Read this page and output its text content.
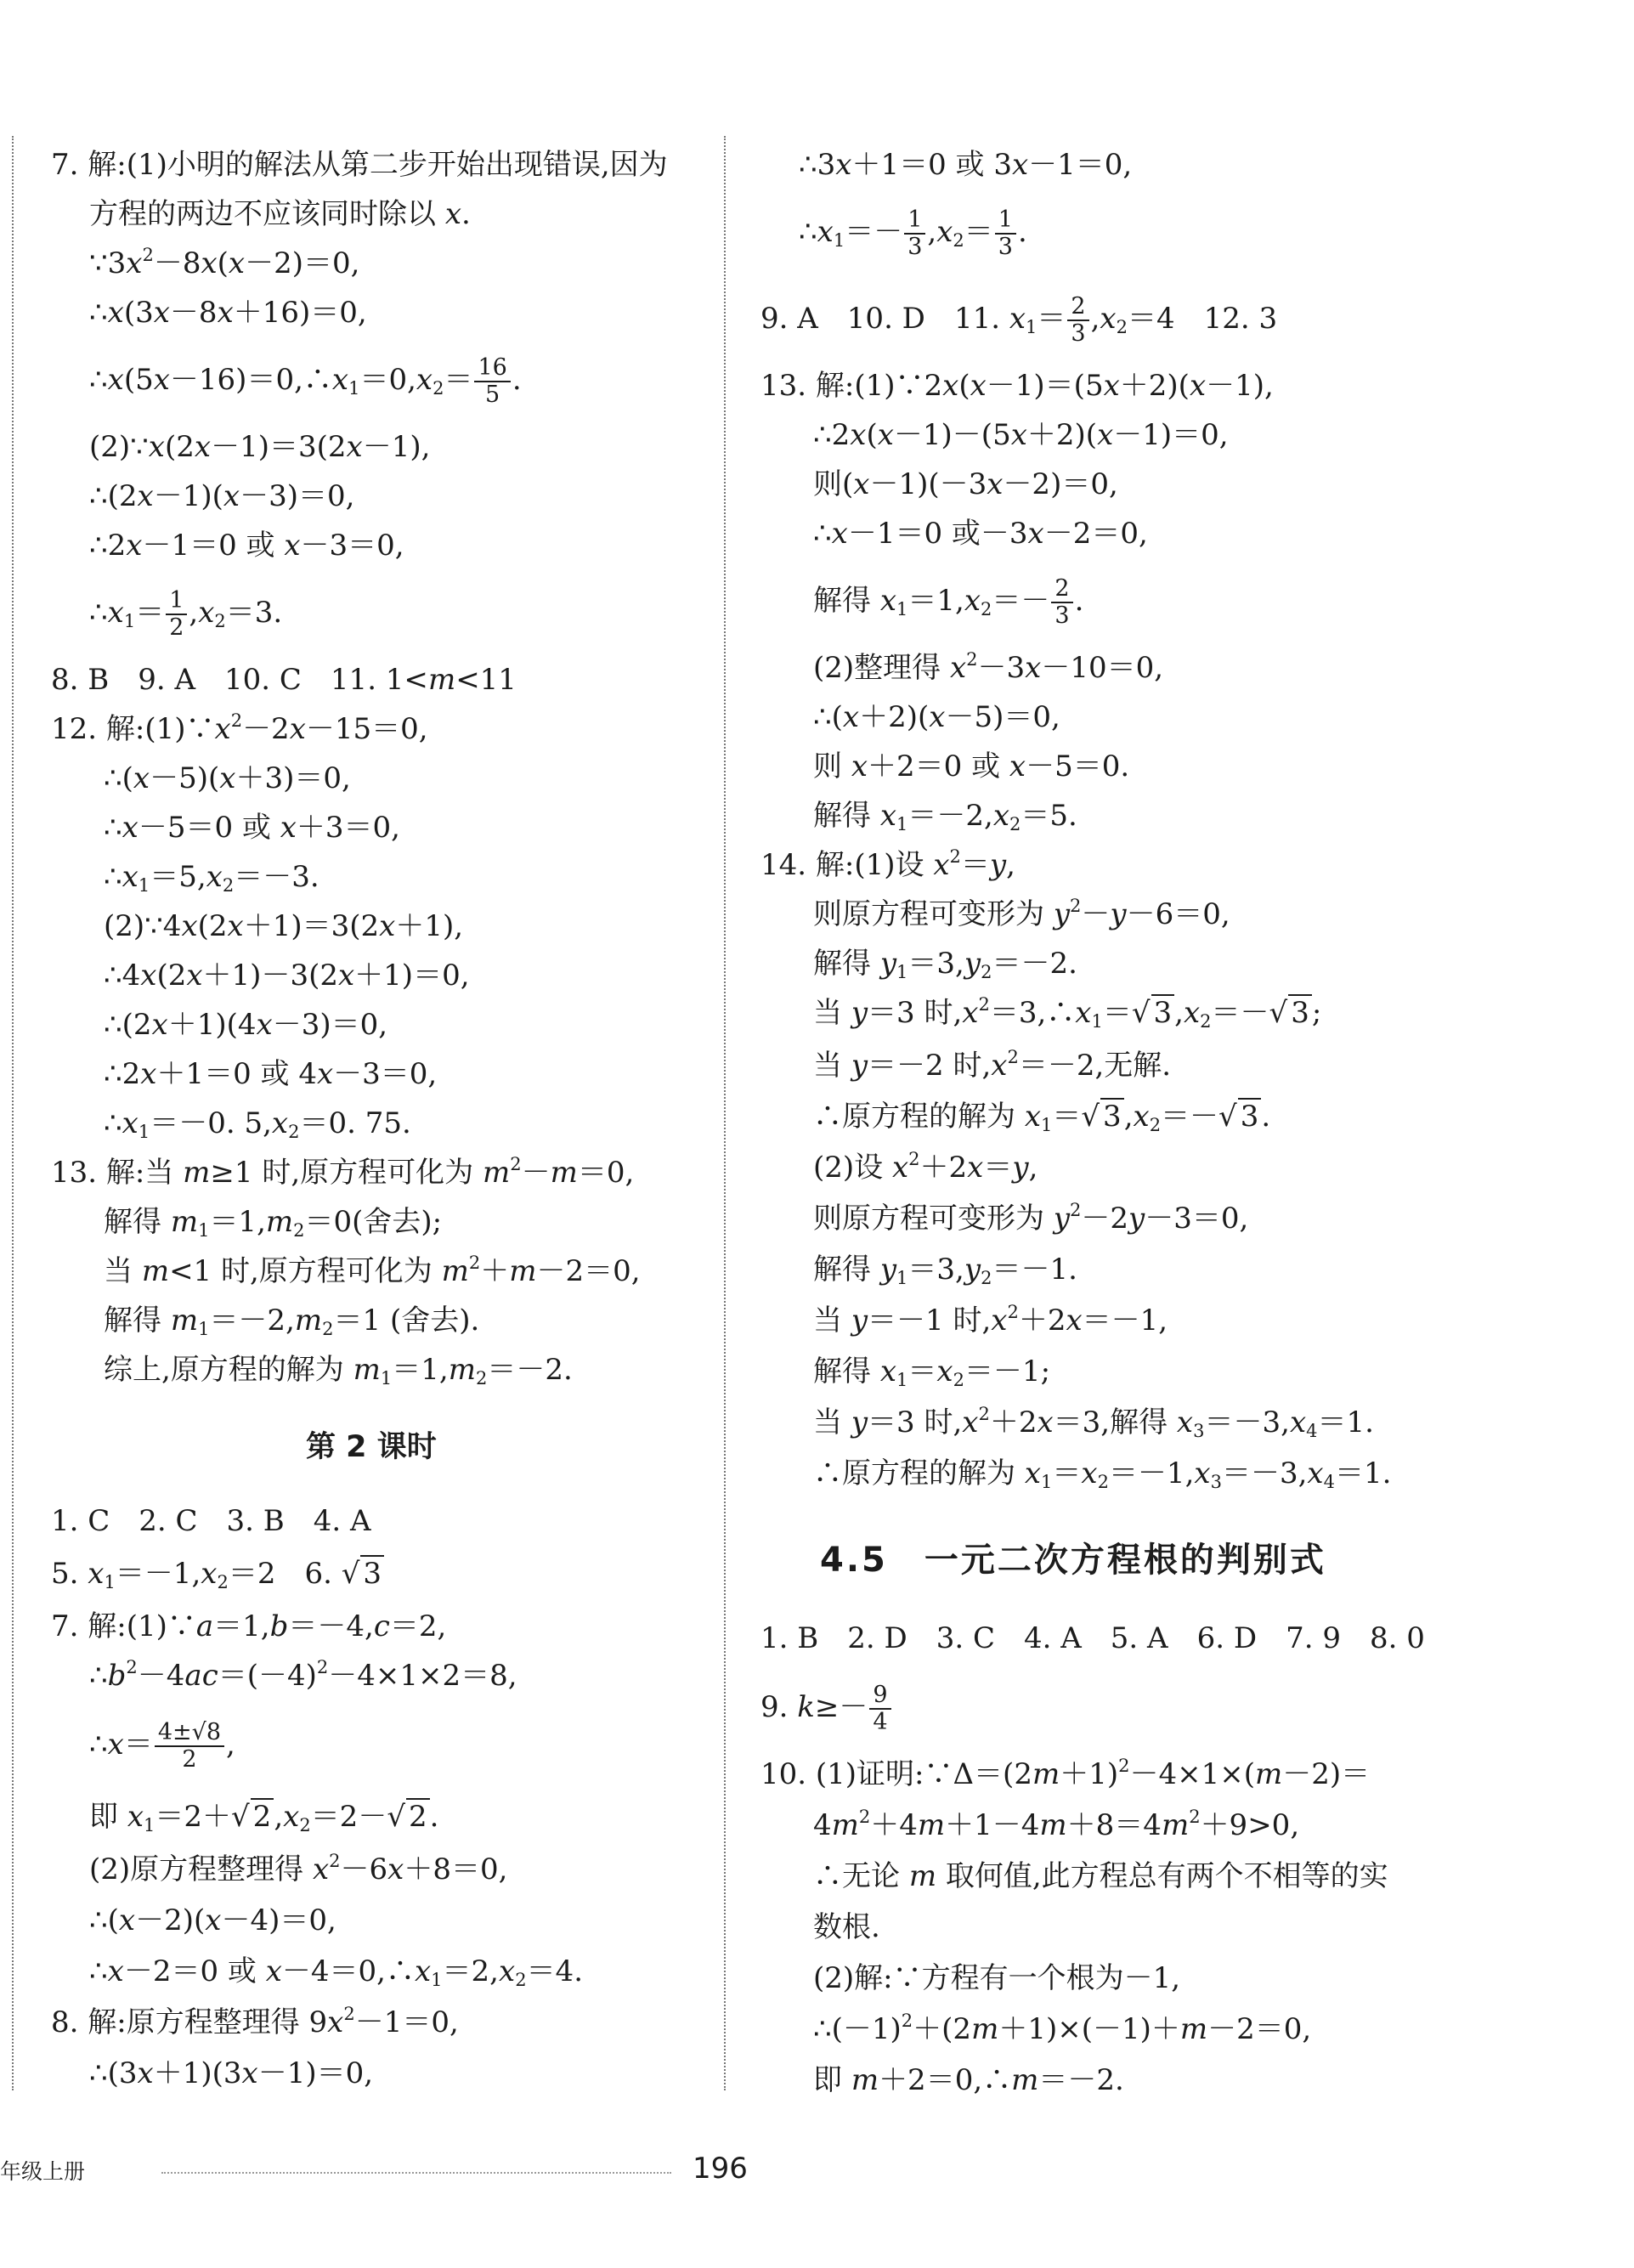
7. 解:(1)小明的解法从第二步开始出现错误,因为
方程的两边不应该同时除以 x.
$\because 3x^2-8x(x-2)=0$,
∴x(3x－8x＋16)＝0,
$\therefore x(5x-16)=0,\therefore x_1=0,x_2= \frac{16}{5}$ .
(2)∵x(2x－1)＝3(2x－1),
∴(2x－1)(x－3)＝0,
∴2x－1＝0 或 x－3＝0,
$\therefore x_1= \frac{1}{2} ,x_2=3$.
8. B　9. A　10. C　11. 1<m<11
12. 解$:(1)\because x^2-2x-15=0$,
∴(x－5)(x＋3)＝0,
∴x－5＝0 或 x＋3＝0,
$\therefore x_1=5,x_2=-3$.
(2)∵4x(2x＋1)＝3(2x＋1),
∴4x(2x＋1)－3(2x＋1)＝0,
∴(2x＋1)(4x－3)＝0,
∴2x＋1＝0 或 4x－3＝0,
$\therefore x_1=-0$. $5,x_2=0$. 75.
13. 解:当 m≥1 时,原方程可化为 $m^2-m=0$,
解得 $m_1=1,m_2=0$(舍去);
当 m<1 时,原方程可化为 $m^2+m-2=0$,
解得 $m_1=-2,m_2=1$ (舍去).
综上,原方程的解为 $m_1=1,m_2=-2$.
第 2 课时
1. C　2. C　3. B　4. A
5. $x_1=-1,x_2=2$　6. √ 3
7. 解:(1)∵a＝1,b＝－4,c＝2,
$\therefore b^2-4ac=(-4)^2-4\times 1\times 2=8$,
∴x＝ $\frac{4\pm√8}{2}$ ,
即 $x_1=2+√$ $2,x_2=2-√$ 2.
(2)原方程整理得 $x^2-6x+8=0$,
∴(x－2)(x－4)＝0,
∴x－2＝0 或 $x-4=0,\therefore x_1=2,x_2=4$.
8. 解:原方程整理得 $9x^2-1=0$,
∴(3x＋1)(3x－1)＝0,
∴3x＋1＝0 或 3x－1＝0,
$\therefore x_1=- \frac{1}{3} ,x_2= \frac{1}{3}$ .
9. A　10. D　11. $x_1= \frac{2}{3} ,x_2=4$　12. 3
13. 解:(1)∵2x(x－1)＝(5x＋2)(x－1),
∴2x(x－1)－(5x＋2)(x－1)＝0,
则(x－1)(－3x－2)＝0,
∴x－1＝0 或－3x－2＝0,
解得 $x_1=1,x_2=- \frac{2}{3}$ .
(2)整理得 $x^2-3x-10=0$,
∴(x＋2)(x－5)＝0,
则 x＋2＝0 或 x－5＝0.
解得 $x_1=-2,x_2=5$.
14. 解:(1)设 $x^2=y$,
则原方程可变形为 $y^2-y-6=0$,
解得 $y_1=3,y_2=-2$.
当 y＝3 时$,x^2=3,\therefore x_1=√$ $3,x_2=-√$ 3;
当 y＝－2 时$,x^2=-2$,无解.
∴原方程的解为 $x_1=√$ $3,x_2=-√$ 3.
(2)设 $x^2+2x=y$,
则原方程可变形为 $y^2-2y-3=0$,
解得 $y_1=3,y_2=-1$.
当 y＝－1 时$,x^2+2x=-1$,
解得 $x_1=x_2=-1$;
当 y＝3 时$,x^2+2x=3$,解得 $x_3=-3,x_4=1$.
∴原方程的解为 $x_1=x_2=-1,x_3=-3,x_4=1$.
4.5　一元二次方程根的判别式
1. B　2. D　3. C　4. A　5. A　6. D　7. 9　8. 0
9. $k\ge- \frac{9}{4}$
10. (1)证明$:\because\Delta=(2m+1)^2-4\times 1\times(m-2)=$
$4m^2+4m+1-4m+8=4m^2+9>0$,
∴无论 m 取何值,此方程总有两个不相等的实
数根.
(2)解:∵方程有一个根为－1,
$\therefore(-1)^2+(2m+1)\times(-1)+m-2=0$,
即 m＋2＝0,∴m＝－2.
年级上册	196
